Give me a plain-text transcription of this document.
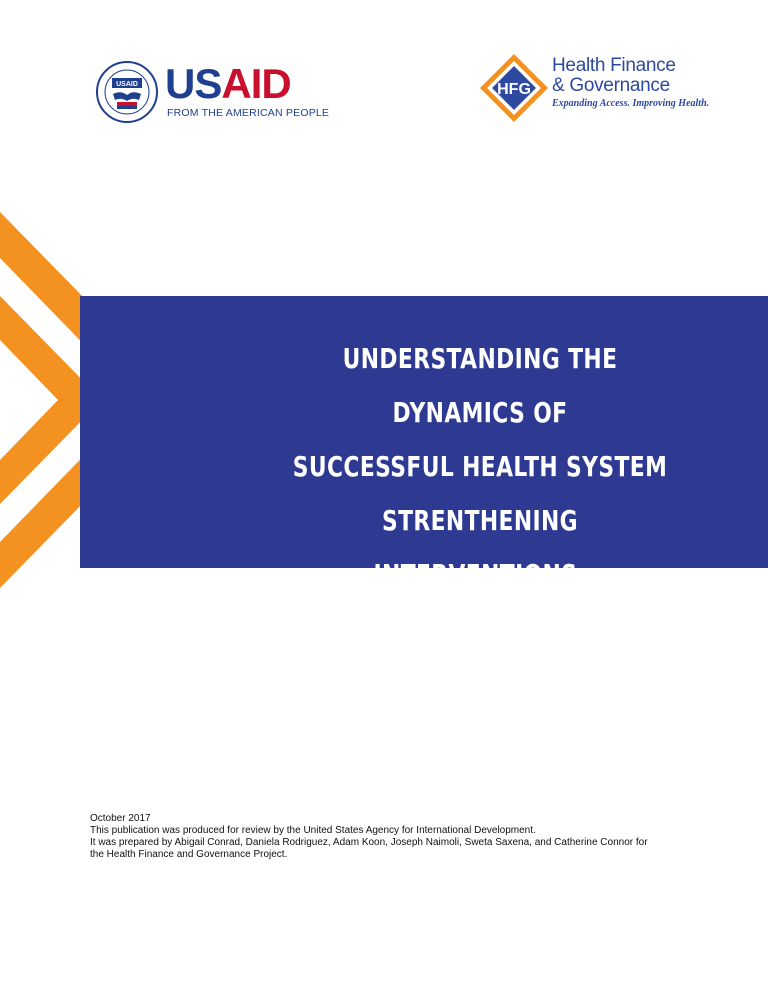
USAID USAID
FROM THE AMERICAN PEOPLE
HFG
Health Finance
& Governance
Expanding Access. Improving Health.
UNDERSTANDING THE DYNAMICS OF
SUCCESSFUL HEALTH SYSTEM
STRENTHENING INTERVENTIONS:
CROSS-CASE ANALYSIS
October 2017
This publication was produced for review by the United States Agency for International Development.
It was prepared by Abigail Conrad, Daniela Rodriguez, Adam Koon, Joseph Naimoli, Sweta Saxena, and Catherine Connor for
the Health Finance and Governance Project.
